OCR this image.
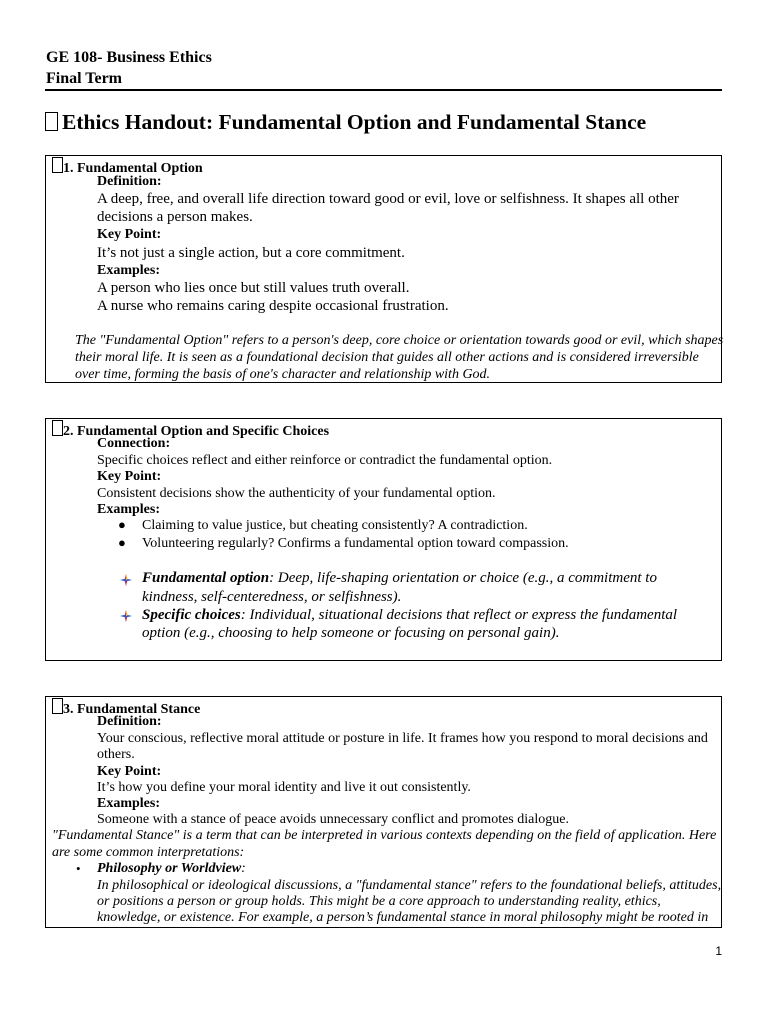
GE 108- Business Ethics
Final Term
Ethics Handout: Fundamental Option and Fundamental Stance
1. Fundamental Option
Definition:
A deep, free, and overall life direction toward good or evil, love or selfishness. It shapes all other
decisions a person makes.
Key Point:
It’s not just a single action, but a core commitment.
Examples:
A person who lies once but still values truth overall.
A nurse who remains caring despite occasional frustration.
The "Fundamental Option" refers to a person's deep, core choice or orientation towards good or evil, which shapes
their moral life. It is seen as a foundational decision that guides all other actions and is considered irreversible
over time, forming the basis of one's character and relationship with God.
2. Fundamental Option and Specific Choices
Connection:
Specific choices reflect and either reinforce or contradict the fundamental option.
Key Point:
Consistent decisions show the authenticity of your fundamental option.
Examples:
● Claiming to value justice, but cheating consistently? A contradiction.
● Volunteering regularly? Confirms a fundamental option toward compassion.
Fundamental option: Deep, life-shaping orientation or choice (e.g., a commitment to
kindness, self-centeredness, or selfishness).
Specific choices: Individual, situational decisions that reflect or express the fundamental
option (e.g., choosing to help someone or focusing on personal gain).
3. Fundamental Stance
Definition:
Your conscious, reflective moral attitude or posture in life. It frames how you respond to moral decisions and
others.
Key Point:
It’s how you define your moral identity and live it out consistently.
Examples:
Someone with a stance of peace avoids unnecessary conflict and promotes dialogue.
"Fundamental Stance" is a term that can be interpreted in various contexts depending on the field of application. Here
are some common interpretations:
• Philosophy or Worldview:
In philosophical or ideological discussions, a "fundamental stance" refers to the foundational beliefs, attitudes,
or positions a person or group holds. This might be a core approach to understanding reality, ethics,
knowledge, or existence. For example, a person’s fundamental stance in moral philosophy might be rooted in
1
